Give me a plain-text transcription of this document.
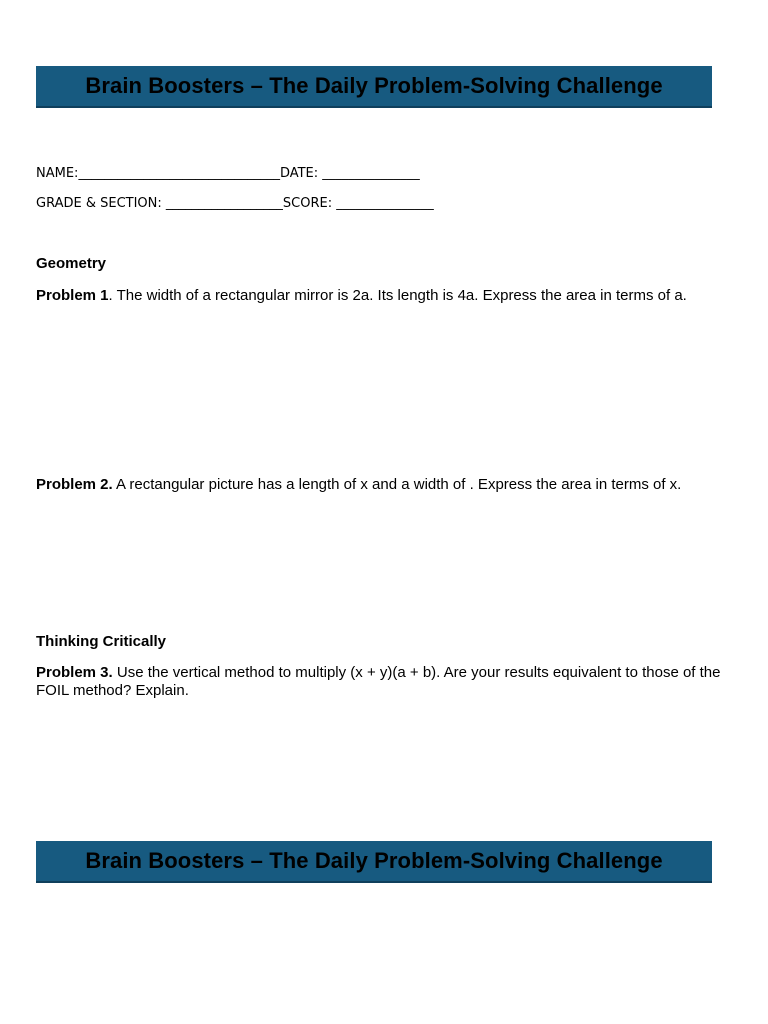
Brain Boosters – The Daily Problem-Solving Challenge
NAME:_______________________________DATE: _______________
GRADE & SECTION: __________________SCORE: _______________
Geometry
Problem 1. The width of a rectangular mirror is 2a. Its length is 4a. Express the area in terms of a.
Problem 2. A rectangular picture has a length of x and a width of . Express the area in terms of x.
Thinking Critically
Problem 3. Use the vertical method to multiply (x + y)(a + b). Are your results equivalent to those of the FOIL method? Explain.
Brain Boosters – The Daily Problem-Solving Challenge
